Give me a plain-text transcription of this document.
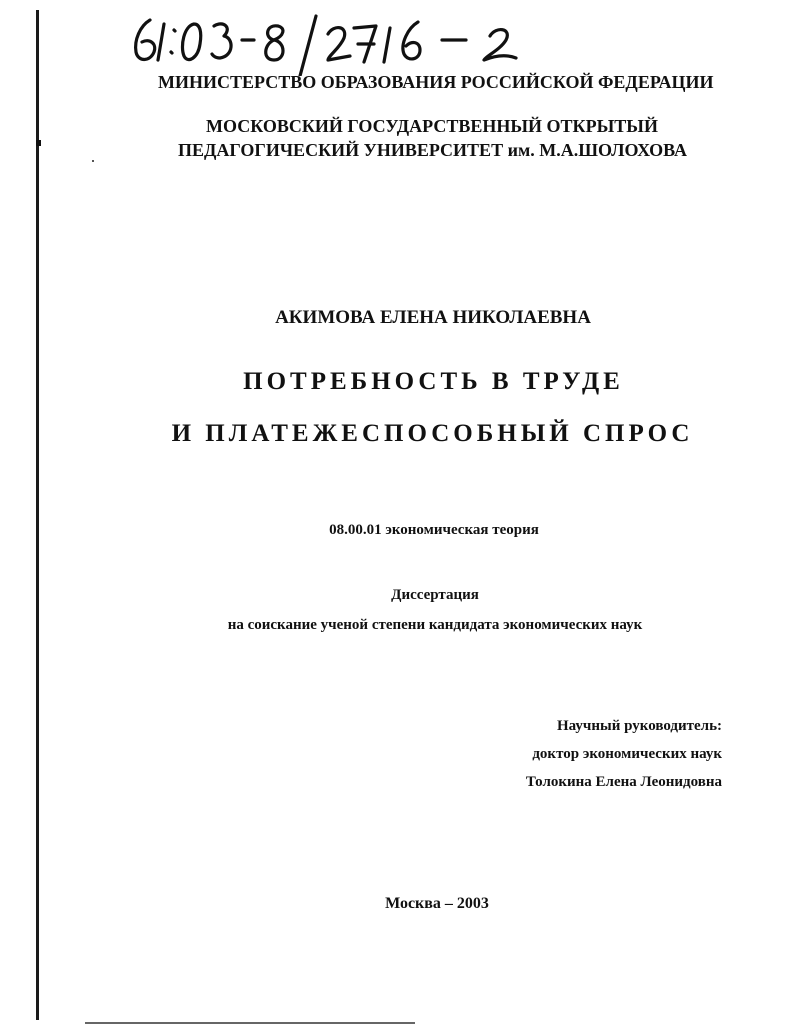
МИНИСТЕРСТВО ОБРАЗОВАНИЯ РОССИЙСКОЙ ФЕДЕРАЦИИ
МОСКОВСКИЙ ГОСУДАРСТВЕННЫЙ ОТКРЫТЫЙ
ПЕДАГОГИЧЕСКИЙ УНИВЕРСИТЕТ им. М.А.ШОЛОХОВА
АКИМОВА ЕЛЕНА НИКОЛАЕВНА
ПОТРЕБНОСТЬ В ТРУДЕ
И ПЛАТЕЖЕСПОСОБНЫЙ СПРОС
08.00.01 экономическая теория
Диссертация
на соискание ученой степени кандидата экономических наук
Научный руководитель:
доктор экономических наук
Толокина Елена Леонидовна
Москва – 2003
